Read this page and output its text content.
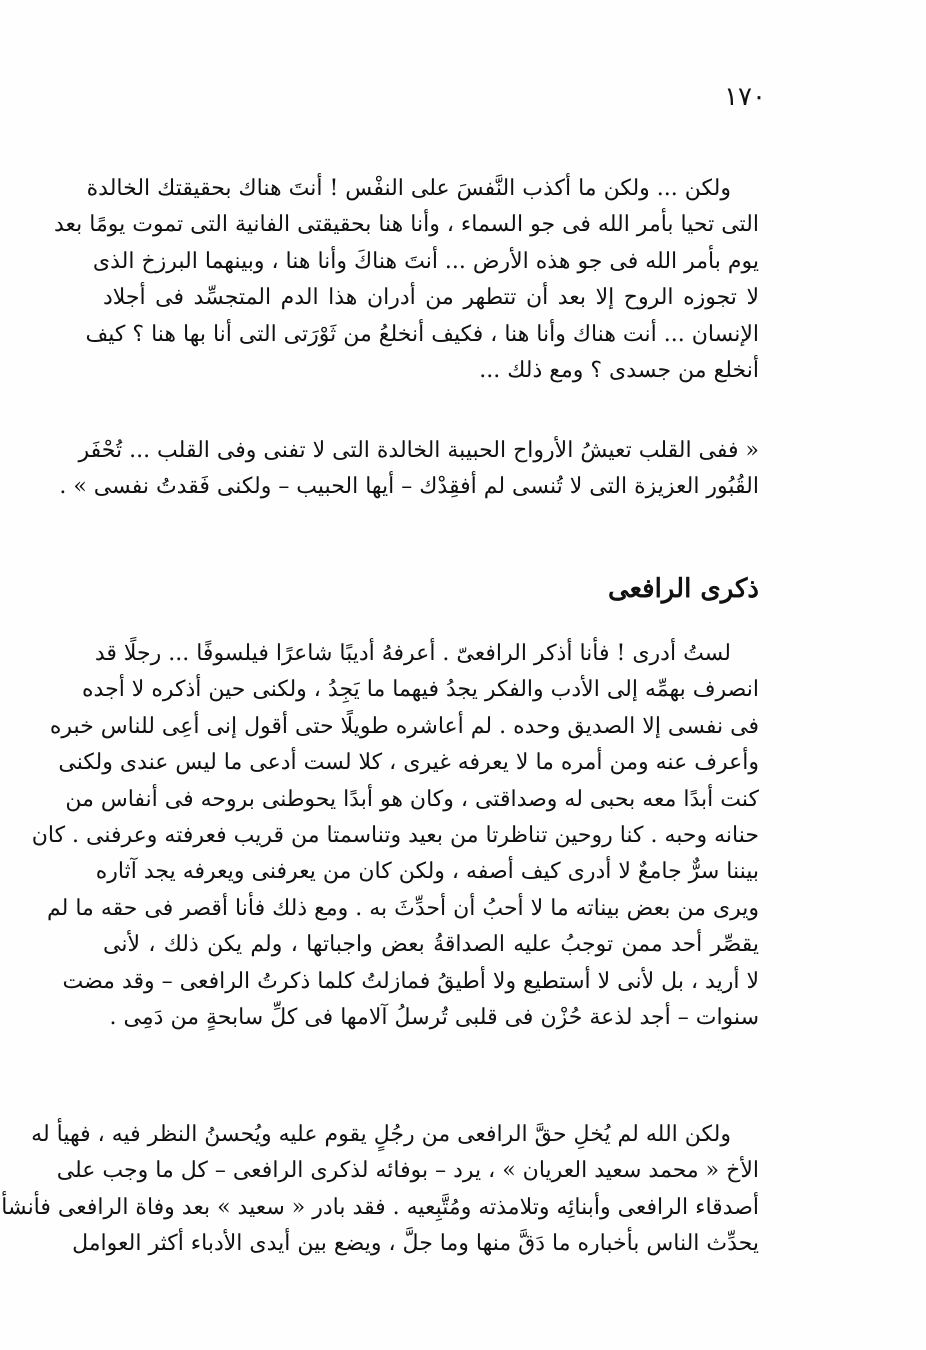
١٧٠
ولكن ... ولكن ما أكذب النَّفسَ على النفْس ! أنتَ هناك بحقيقتك الخالدة
التى تحيا بأمر الله فى جو السماء ، وأنا هنا بحقيقتى الفانية التى تموت يومًا بعد
يوم بأمر الله فى جو هذه الأرض ... أنتَ هناكَ وأنا هنا ، وبينهما البرزخ الذى
لا تجوزه الروح إلا بعد أن تتطهر من أدران هذا الدم المتجسِّد فى أجلاد
الإنسان ... أنت هناك وأنا هنا ، فكيف أنخلعُ من ثَوْرَتى التى أنا بها هنا ؟ كيف
أنخلع من جسدى ؟ ومع ذلك ...
« ففى القلب تعيشُ الأرواح الحبيبة الخالدة التى لا تفنى وفى القلب ... تُحْفَر
القُبُور العزيزة التى لا تُنسى لم أفقِدْك – أيها الحبيب – ولكنى فَقدتُ نفسى » .
ذكرى الرافعى
لستُ أدرى ! فأنا أذكر الرافعىّ . أعرفهُ أديبًا شاعرًا فيلسوفًا ... رجلًا قد
انصرف بهمِّه إلى الأدب والفكر يجدُ فيهما ما يَجِدُ ، ولكنى حين أذكره لا أجده
فى نفسى إلا الصديق وحده . لم أعاشره طويلًا حتى أقول إنى أعِى للناس خبره
وأعرف عنه ومن أمره ما لا يعرفه غيرى ، كلا لست أدعى ما ليس عندى ولكنى
كنت أبدًا معه بحبى له وصداقتى ، وكان هو أبدًا يحوطنى بروحه فى أنفاس من
حنانه وحبه . كنا روحين تناظرتا من بعيد وتناسمتا من قريب فعرفته وعرفنى . كان
بيننا سرٌّ جامعٌ لا أدرى كيف أصفه ، ولكن كان من يعرفنى ويعرفه يجد آثاره
ويرى من بعض بيناته ما لا أحبُ أن أحدِّثَ به . ومع ذلك فأنا أقصر فى حقه ما لم
يقصِّر أحد ممن توجبُ عليه الصداقةُ بعض واجباتها ، ولم يكن ذلك ، لأنى
لا أريد ، بل لأنى لا أستطيع ولا أطيقُ فمازلتُ كلما ذكرتُ الرافعى – وقد مضت
سنوات – أجد لذعة حُزْن فى قلبى تُرسلُ آلامها فى كلِّ سابحةٍ من دَمِى .
ولكن الله لم يُخلِ حقَّ الرافعى من رجُلٍ يقوم عليه ويُحسنُ النظر فيه ، فهيأ له
الأخ « محمد سعيد العريان » ، يرد – بوفائه لذكرى الرافعى – كل ما وجب على
أصدقاء الرافعى وأبنائِه وتلامذته ومُتَّبِعيه . فقد بادر « سعيد » بعد وفاة الرافعى فأنشأ
يحدِّث الناس بأخباره ما دَقَّ منها وما جلَّ ، ويضع بين أيدى الأدباء أكثر العوامل
